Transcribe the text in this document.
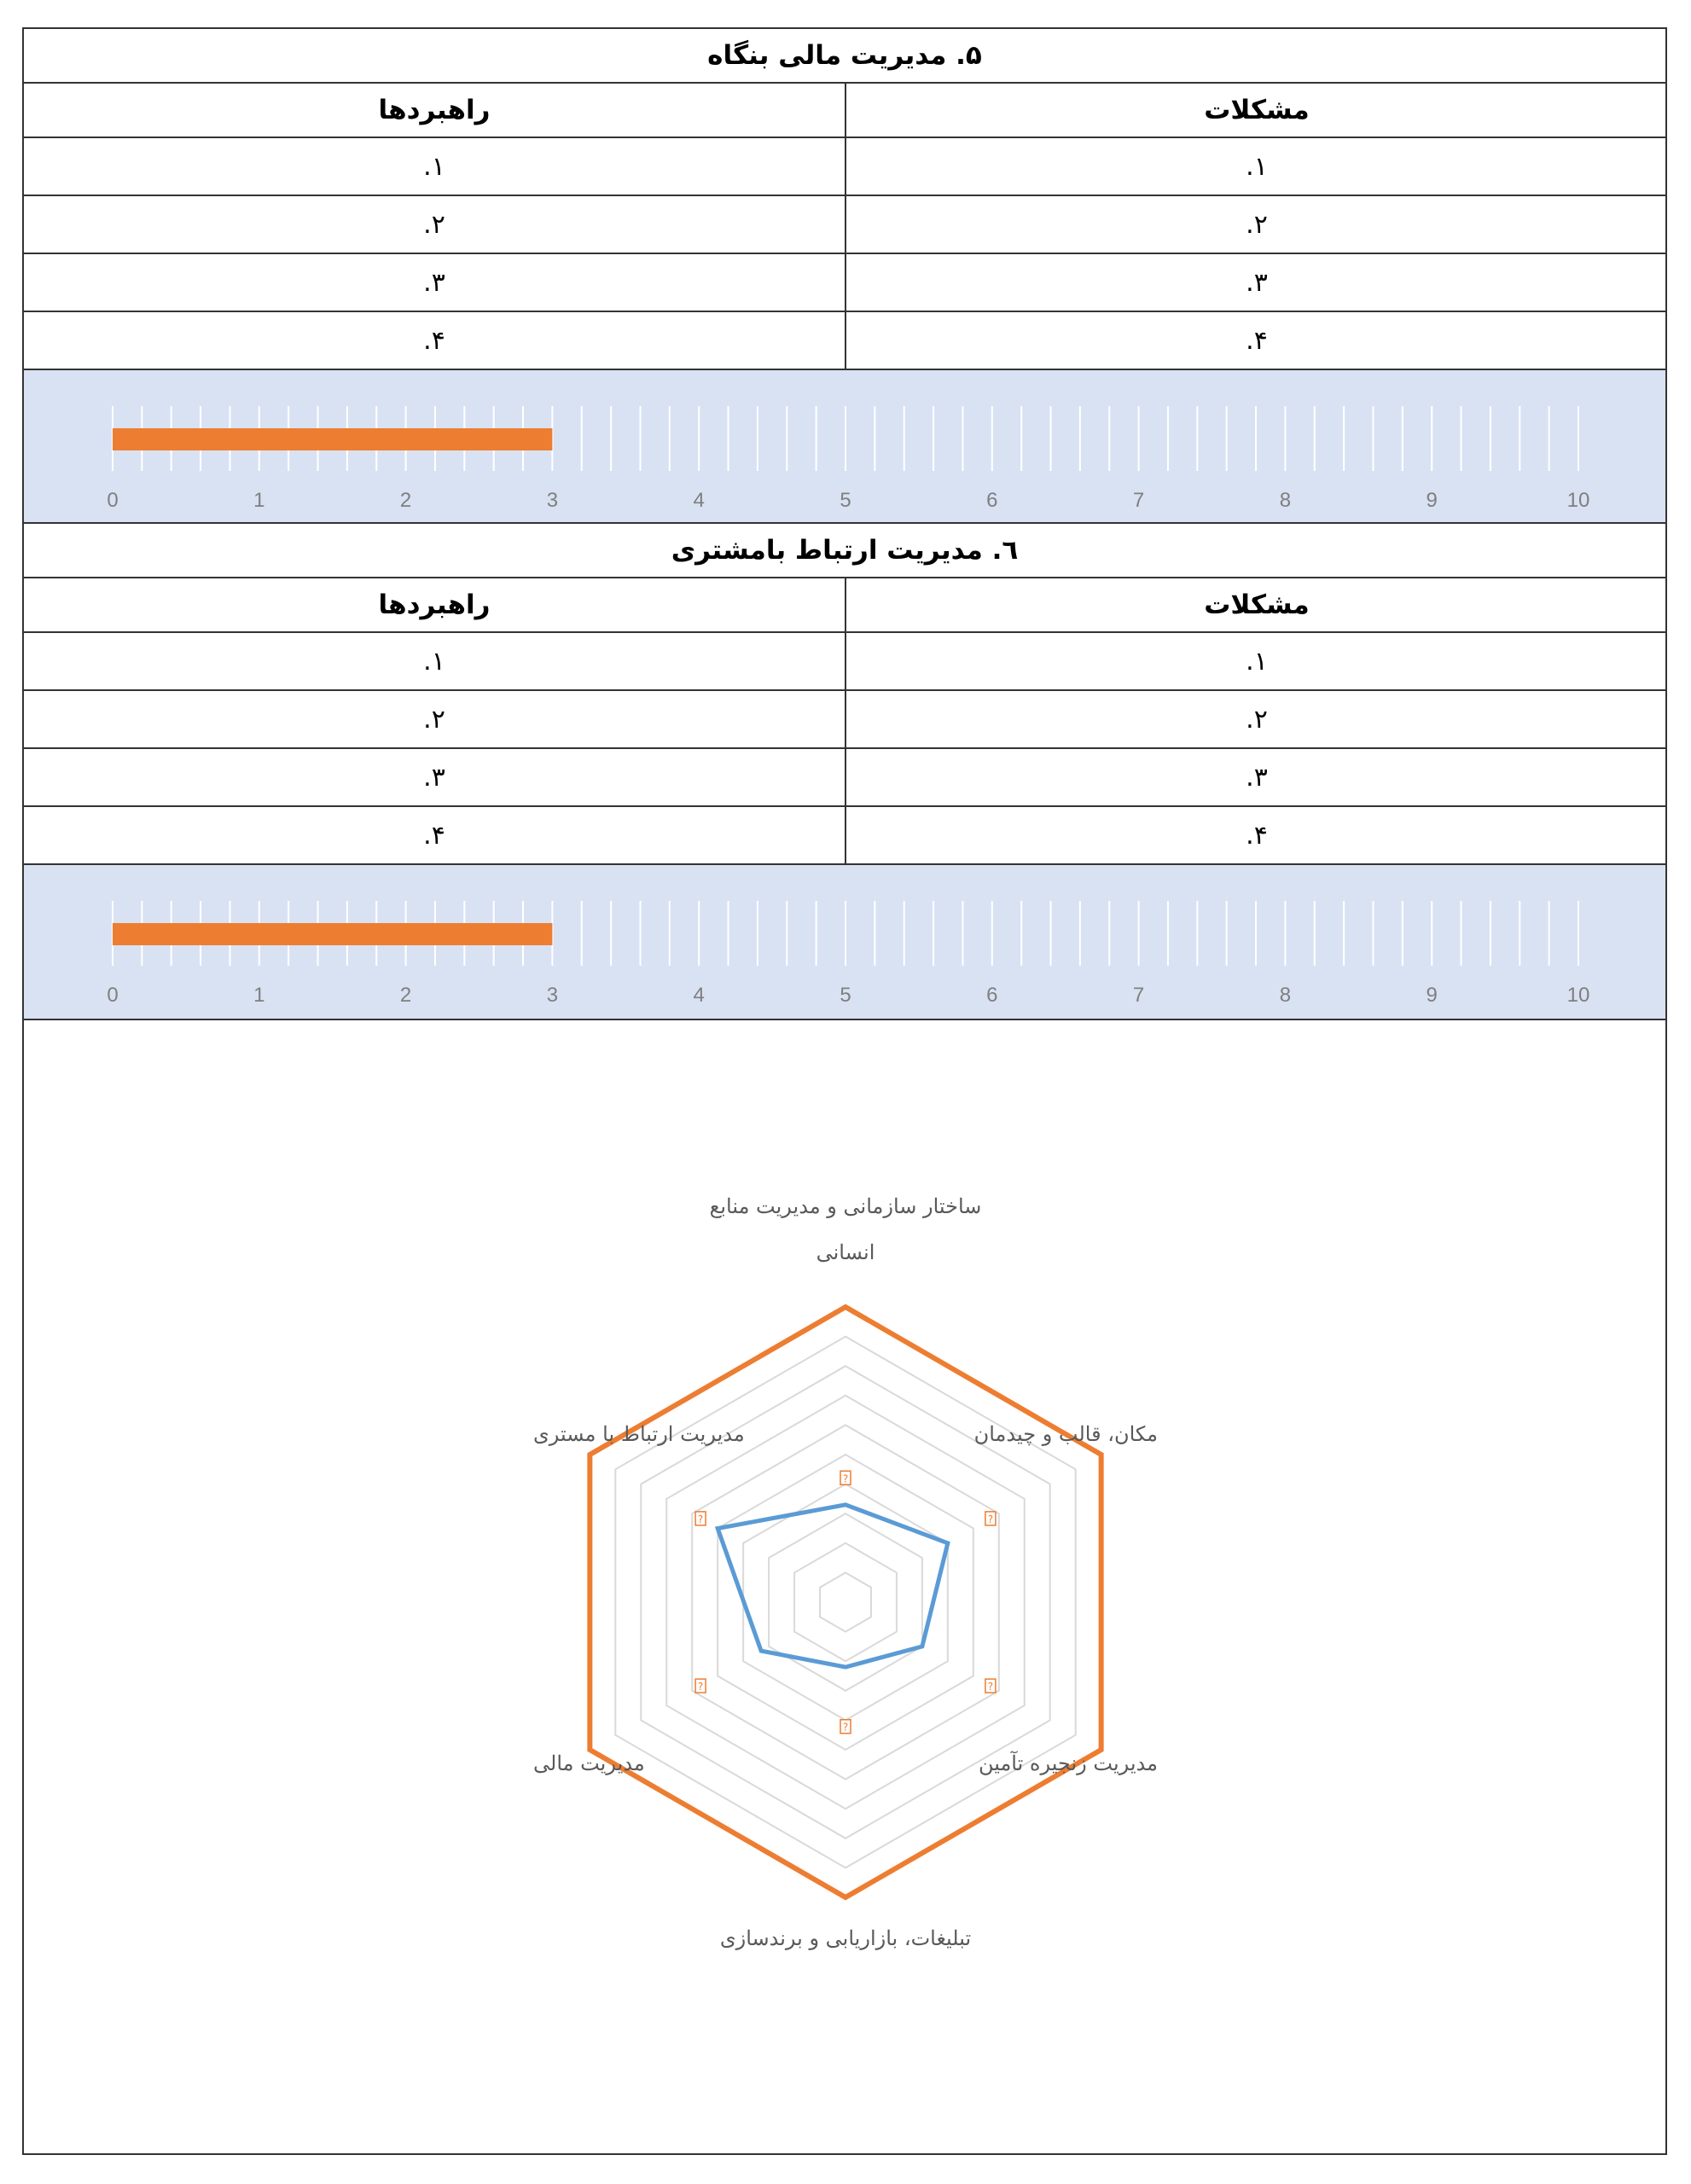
۵. مدیریت مالی بنگاه
راهبردها	مشکلات
۱.	۱.
۲.	۲.
۳.	۳.
۴.	۴.
0	1	2	3	4	5	6	7	8	9	10
٦. مدیریت ارتباط بامشتری
راهبردها	مشکلات
۱.	۱.
۲.	۲.
۳.	۳.
۴.	۴.
0	1	2	3	4	5	6	7	8	9	10
?
?
?
?
?
?
ساختار سازمانی و مدیریت منابع
انسانی
مکان، قالب و چیدمان
مدیریت زنجیره تآمین
تبلیغات، بازاریابی و برندسازی
مدیریت مالی
مدیریت ارتباط با مستری
